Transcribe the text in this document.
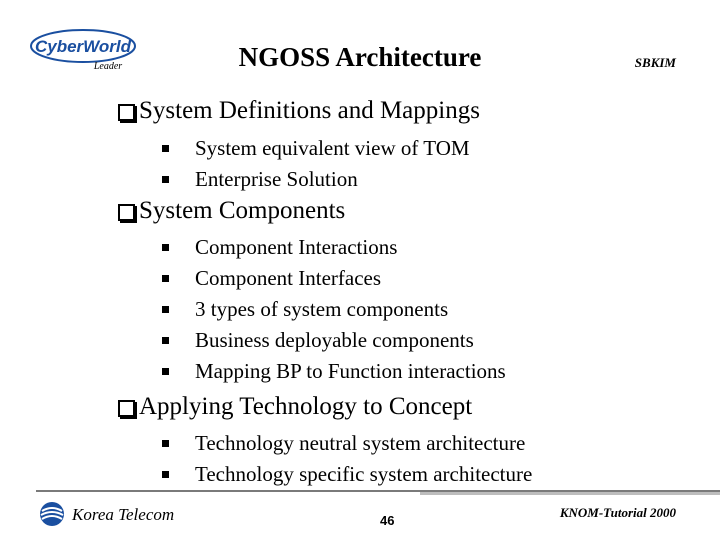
CyberWorld
Leader	NGOSS Architecture	SBKIM
System Definitions and Mappings
System equivalent view of TOM
Enterprise Solution
System Components
Component Interactions
Component Interfaces
3 types of system components
Business deployable components
Mapping BP to Function interactions
Applying Technology to Concept
Technology neutral system architecture
Technology specific system architecture
Korea Telecom	46
KNOM-Tutorial 2000
